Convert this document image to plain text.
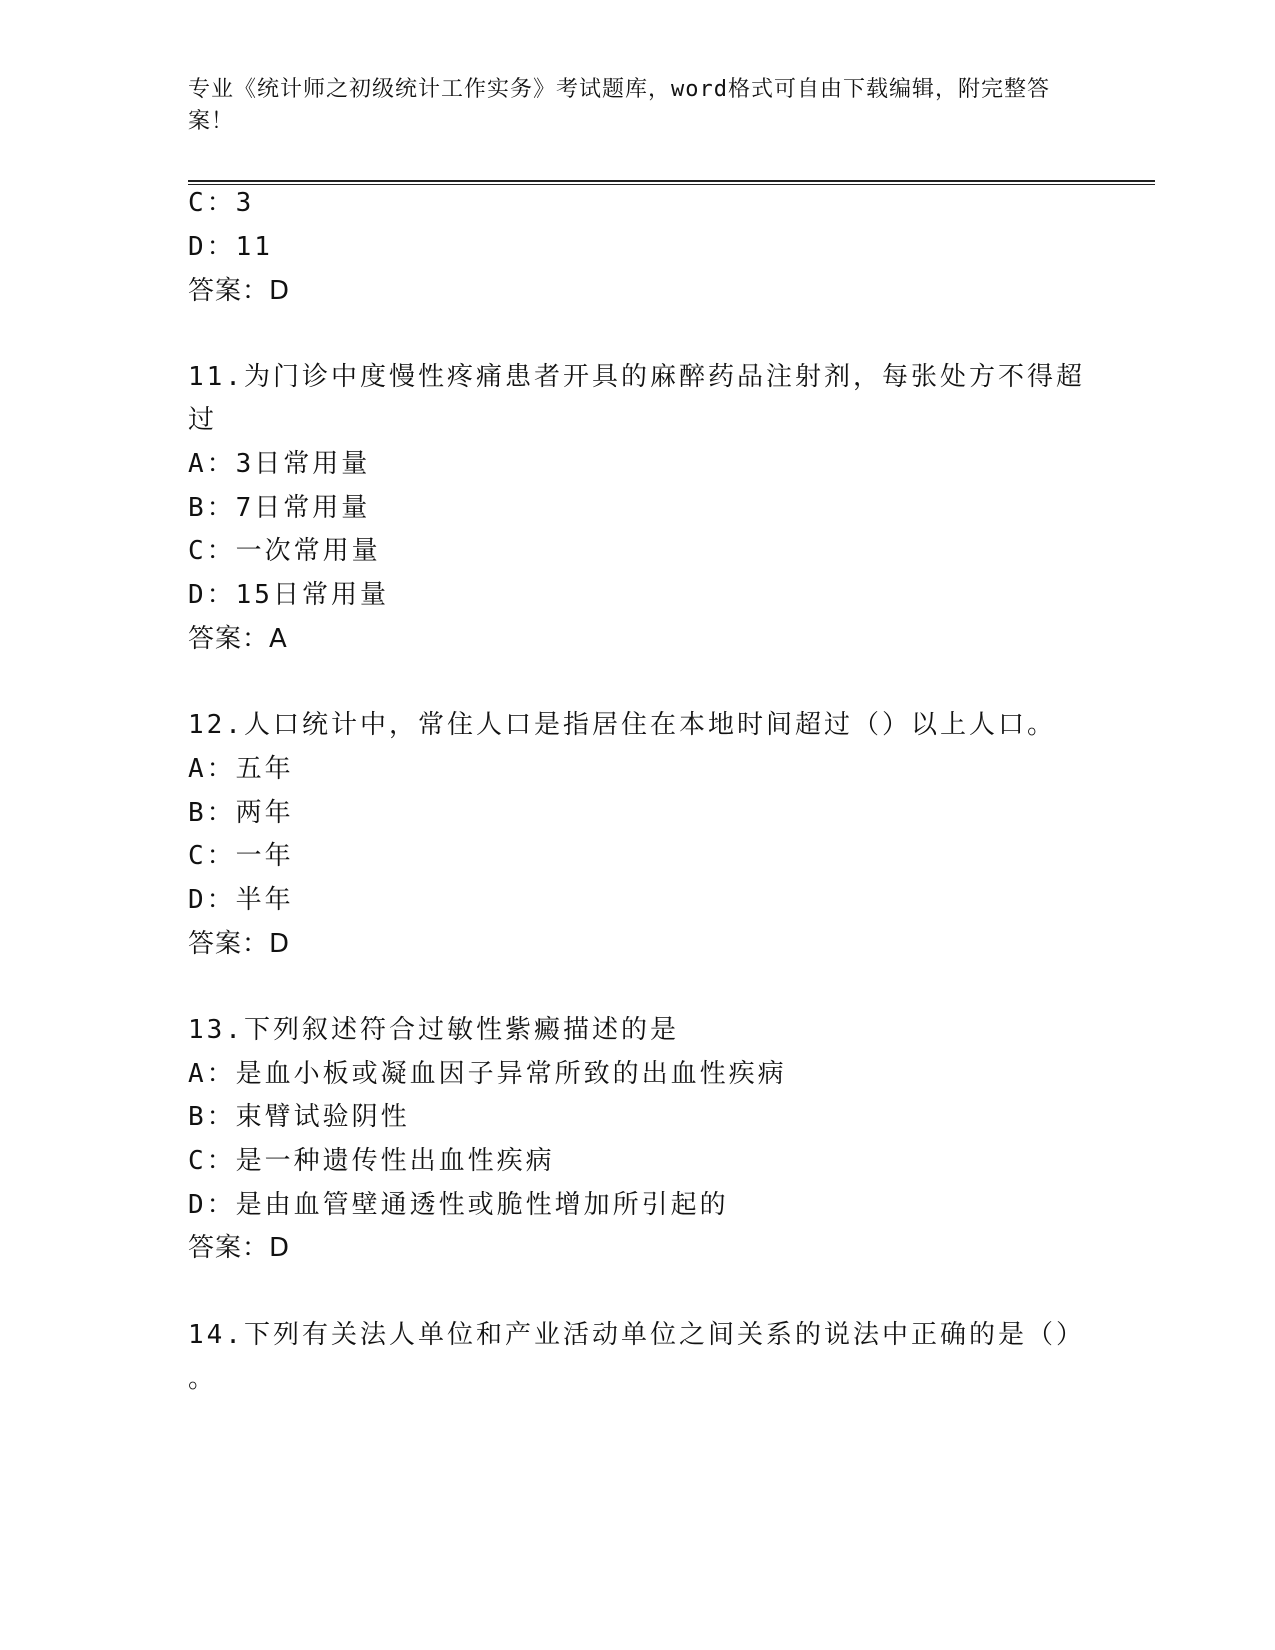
专业《统计师之初级统计工作实务》考试题库，word格式可自由下载编辑，附完整答案！
C：3
D：11
答案：D
11.为门诊中度慢性疼痛患者开具的麻醉药品注射剂，每张处方不得超
过
A：3日常用量
B：7日常用量
C：一次常用量
D：15日常用量
答案：A
12.人口统计中，常住人口是指居住在本地时间超过（）以上人口。
A：五年
B：两年
C：一年
D：半年
答案：D
13.下列叙述符合过敏性紫癜描述的是
A：是血小板或凝血因子异常所致的出血性疾病
B：束臂试验阴性
C：是一种遗传性出血性疾病
D：是由血管壁通透性或脆性增加所引起的
答案：D
14.下列有关法人单位和产业活动单位之间关系的说法中正确的是（）
。
